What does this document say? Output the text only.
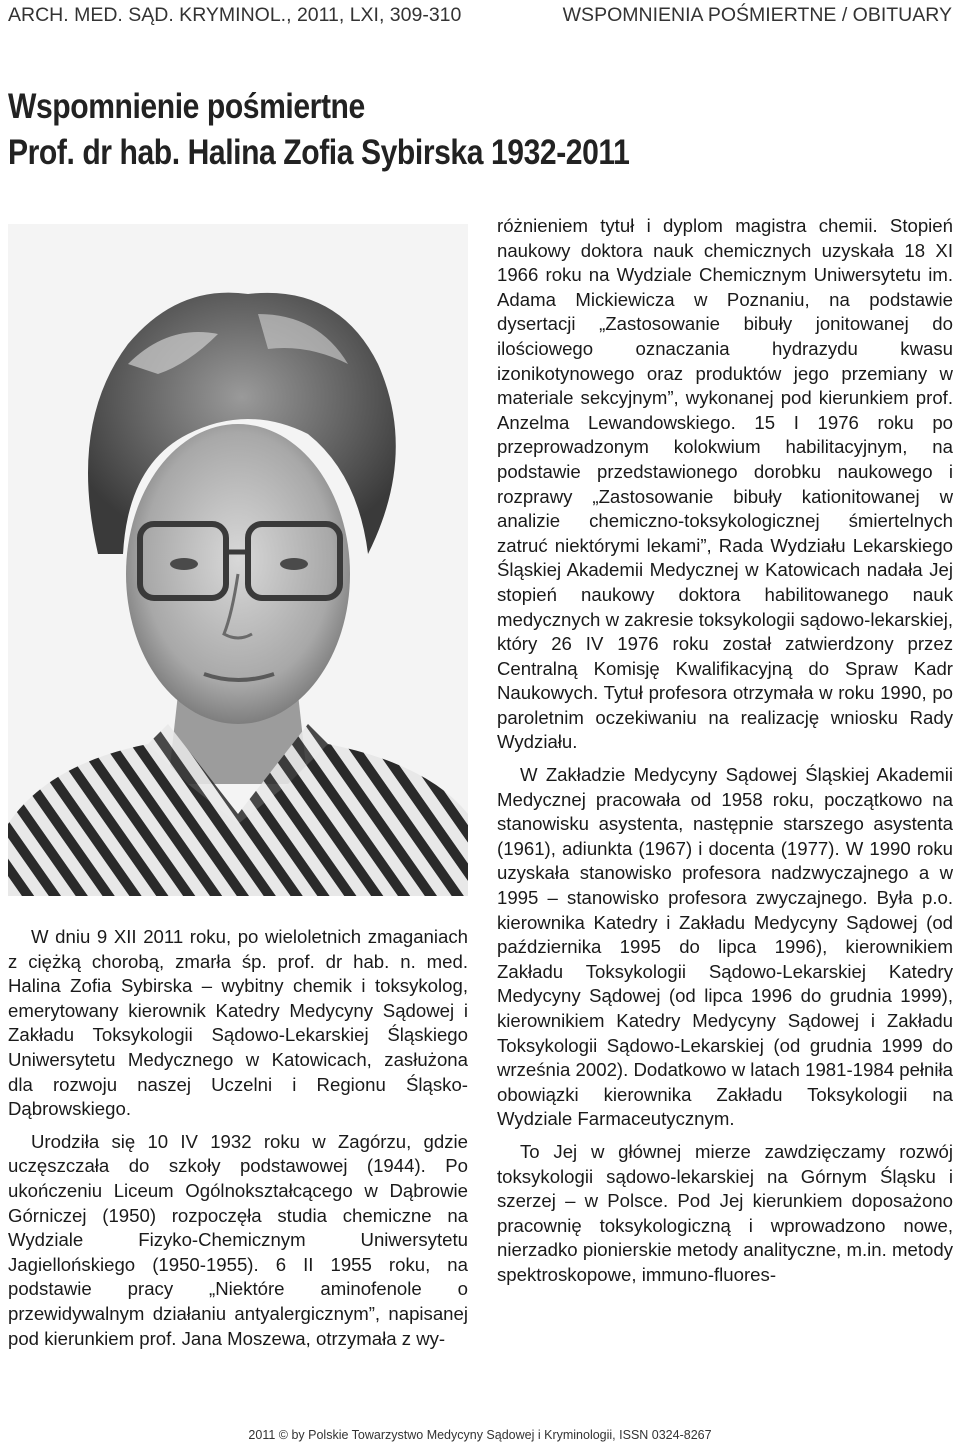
ARCH. MED. SĄD. KRYMINOL., 2011, LXI, 309-310	WSPOMNIENIA POŚMIERTNE / OBITUARY
Wspomnienie pośmiertne
Prof. dr hab. Halina Zofia Sybirska 1932-2011

W dniu 9 XII 2011 roku, po wieloletnich zmaganiach z ciężką chorobą, zmarła śp. prof. dr hab. n. med. Halina Zofia Sybirska – wybitny chemik i toksykolog, emerytowany kierownik Katedry Medycyny Sądowej i Zakładu Toksykologii Sądowo-Lekarskiej Śląskiego Uniwersytetu Medycznego w Katowicach, zasłużona dla rozwoju naszej Uczelni i Regionu Śląsko-Dąbrowskiego.

Urodziła się 10 IV 1932 roku w Zagórzu, gdzie uczęszczała do szkoły podstawowej (1944). Po ukończeniu Liceum Ogólnokształcącego w Dąbrowie Górniczej (1950) rozpoczęła studia chemiczne na Wydziale Fizyko-Chemicznym Uniwersytetu Jagiellońskiego (1950-1955). 6 II 1955 roku, na podstawie pracy „Niektóre aminofenole o przewidywalnym działaniu antyalergicznym”, napisanej pod kierunkiem prof. Jana Moszewa, otrzymała z wy-

różnieniem tytuł i dyplom magistra chemii. Stopień naukowy doktora nauk chemicznych uzyskała 18 XI 1966 roku na Wydziale Chemicznym Uniwersytetu im. Adama Mickiewicza w Poznaniu, na podstawie dysertacji „Zastosowanie bibuły jonitowanej do ilościowego oznaczania hydrazydu kwasu izonikotynowego oraz produktów jego przemiany w materiale sekcyjnym”, wykonanej pod kierunkiem prof. Anzelma Lewandowskiego. 15 I 1976 roku po przeprowadzonym kolokwium habilitacyjnym, na podstawie przedstawionego dorobku naukowego i rozprawy „Zastosowanie bibuły kationitowanej w analizie chemiczno-toksykologicznej śmiertelnych zatruć niektórymi lekami”, Rada Wydziału Lekarskiego Śląskiej Akademii Medycznej w Katowicach nadała Jej stopień naukowy doktora habilitowanego nauk medycznych w zakresie toksykologii sądowo-lekarskiej, który 26 IV 1976 roku został zatwierdzony przez Centralną Komisję Kwalifikacyjną do Spraw Kadr Naukowych. Tytuł profesora otrzymała w roku 1990, po paroletnim oczekiwaniu na realizację wniosku Rady Wydziału.

W Zakładzie Medycyny Sądowej Śląskiej Akademii Medycznej pracowała od 1958 roku, początkowo na stanowisku asystenta, następnie starszego asystenta (1961), adiunkta (1967) i docenta (1977). W 1990 roku uzyskała stanowisko profesora nadzwyczajnego a w 1995 – stanowisko profesora zwyczajnego. Była p.o. kierownika Katedry i Zakładu Medycyny Sądowej (od października 1995 do lipca 1996), kierownikiem Zakładu Toksykologii Sądowo-Lekarskiej Katedry Medycyny Sądowej (od lipca 1996 do grudnia 1999), kierownikiem Katedry Medycyny Sądowej i Zakładu Toksykologii Sądowo-Lekarskiej (od grudnia 1999 do września 2002). Dodatkowo w latach 1981-1984 pełniła obowiązki kierownika Zakładu Toksykologii na Wydziale Farmaceutycznym.

To Jej w głównej mierze zawdzięczamy rozwój toksykologii sądowo-lekarskiej na Górnym Śląsku i szerzej – w Polsce. Pod Jej kierunkiem doposażono pracownię toksykologiczną i wprowadzono nowe, nierzadko pionierskie metody analityczne, m.in. metody spektroskopowe, immuno-fluores-

2011 © by Polskie Towarzystwo Medycyny Sądowej i Kryminologii, ISSN 0324-8267
